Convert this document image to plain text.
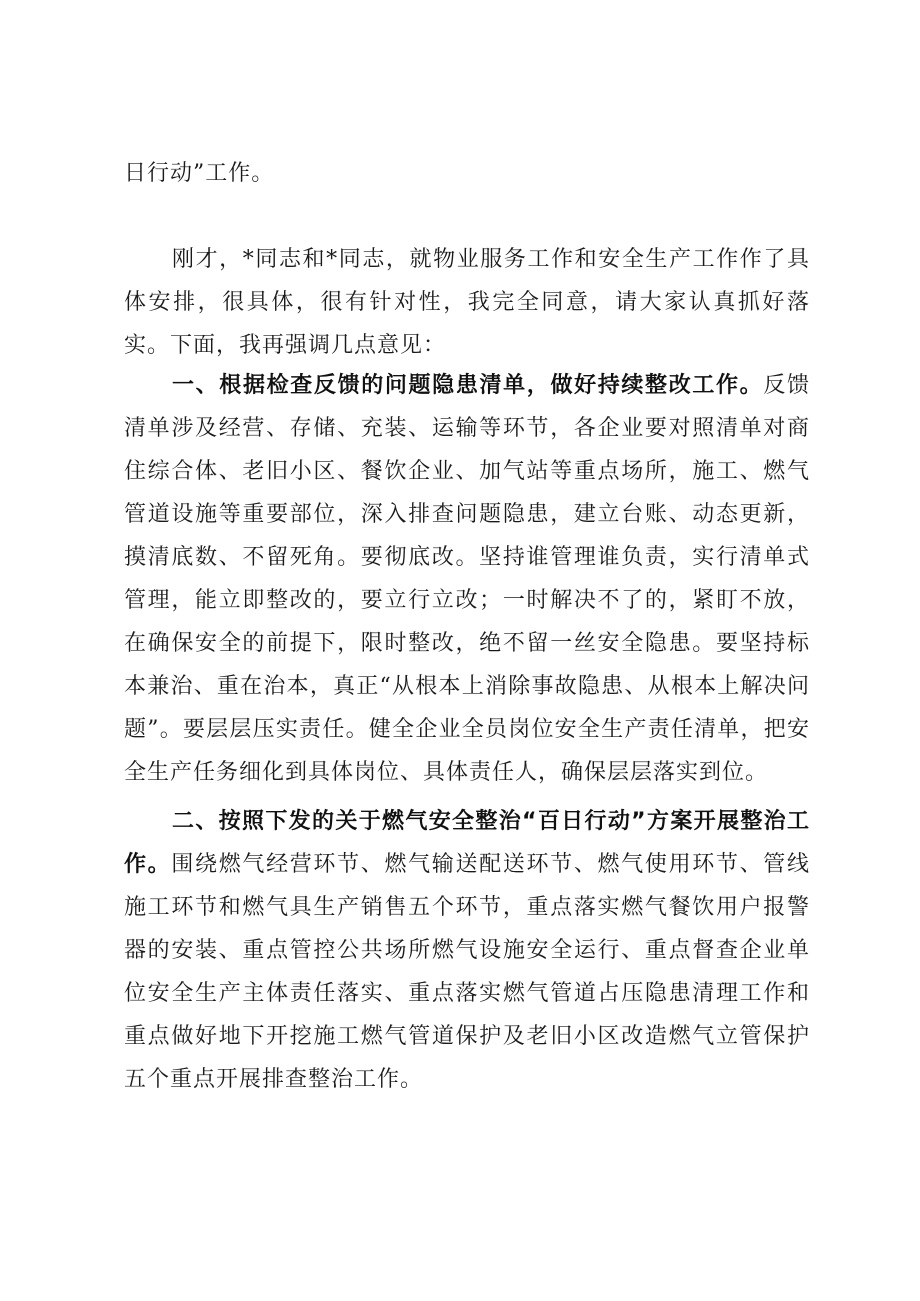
日行动”工作。
刚才，*同志和*同志，就物业服务工作和安全生产工作作了具体安排，很具体，很有针对性，我完全同意，请大家认真抓好落实。下面，我再强调几点意见：
一、根据检查反馈的问题隐患清单，做好持续整改工作。反馈清单涉及经营、存储、充装、运输等环节，各企业要对照清单对商住综合体、老旧小区、餐饮企业、加气站等重点场所，施工、燃气管道设施等重要部位，深入排查问题隐患，建立台账、动态更新，摸清底数、不留死角。要彻底改。坚持谁管理谁负责，实行清单式管理，能立即整改的，要立行立改；一时解决不了的，紧盯不放，在确保安全的前提下，限时整改，绝不留一丝安全隐患。要坚持标本兼治、重在治本，真正“从根本上消除事故隐患、从根本上解决问题”。要层层压实责任。健全企业全员岗位安全生产责任清单，把安全生产任务细化到具体岗位、具体责任人，确保层层落实到位。
二、按照下发的关于燃气安全整治“百日行动”方案开展整治工作。围绕燃气经营环节、燃气输送配送环节、燃气使用环节、管线施工环节和燃气具生产销售五个环节，重点落实燃气餐饮用户报警器的安装、重点管控公共场所燃气设施安全运行、重点督查企业单位安全生产主体责任落实、重点落实燃气管道占压隐患清理工作和重点做好地下开挖施工燃气管道保护及老旧小区改造燃气立管保护五个重点开展排查整治工作。
